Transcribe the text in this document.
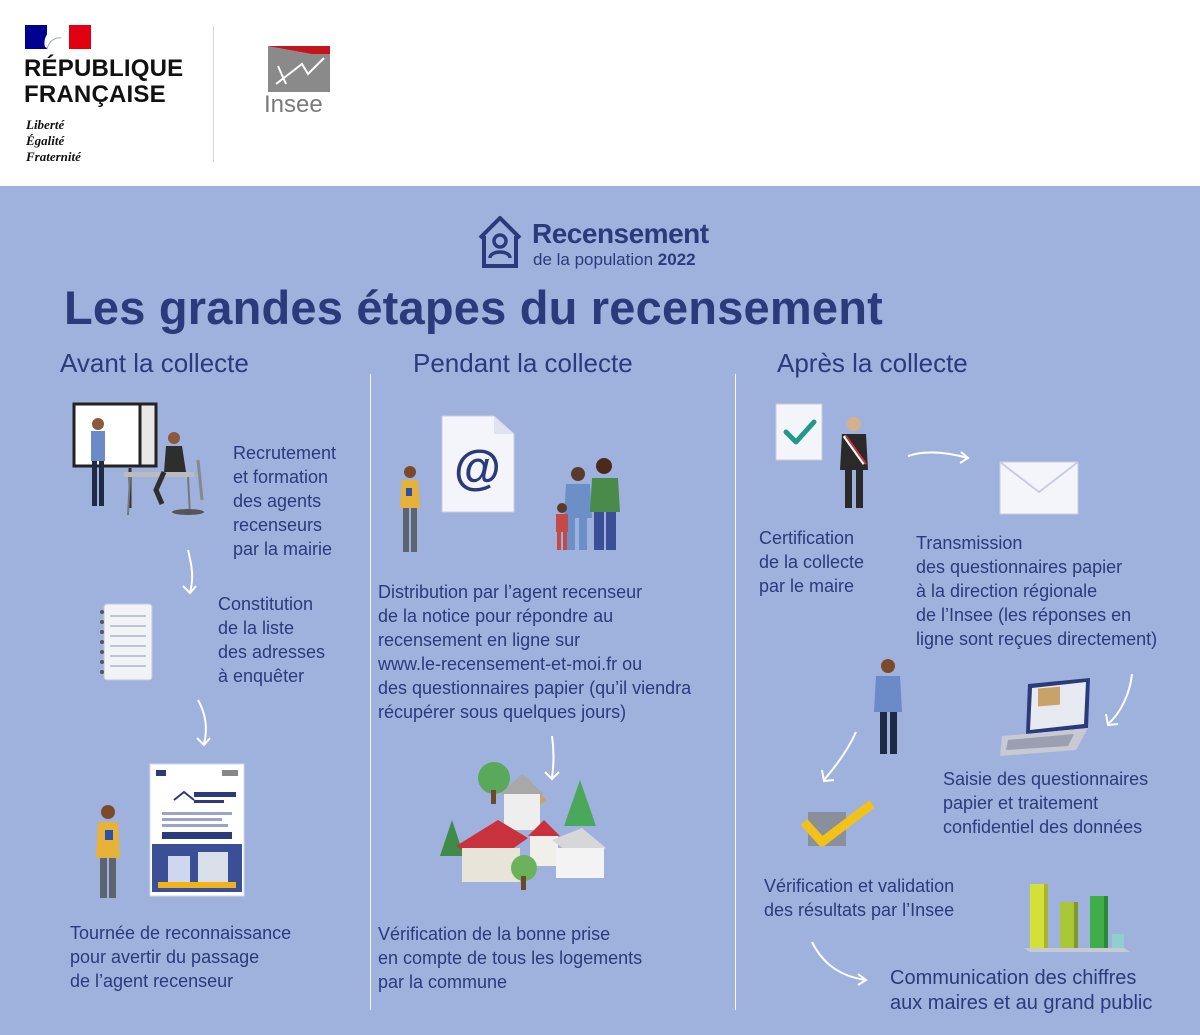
RÉPUBLIQUE
FRANÇAISE
Liberté
Égalité
Fraternité
Insee
Recensement
de la population 2022
Les grandes étapes du recensement
Avant la collecte	Pendant la collecte	Après la collecte
Recrutement
et formation
des agents
recenseurs
par la mairie
Constitution
de la liste
des adresses
à enquêter
Tournée de reconnaissance
pour avertir du passage
de l’agent recenseur
@
Distribution par l’agent recenseur
de la notice pour répondre au
recensement en ligne sur
www.le-recensement-et-moi.fr ou
des questionnaires papier (qu’il viendra
récupérer sous quelques jours)
Vérification de la bonne prise
en compte de tous les logements
par la commune
Certification
de la collecte
par le maire
Transmission
des questionnaires papier
à la direction régionale
de l’Insee (les réponses en
ligne sont reçues directement)
Saisie des questionnaires
papier et traitement
confidentiel des données
Vérification et validation
des résultats par l’Insee
Communication des chiffres
aux maires et au grand public
